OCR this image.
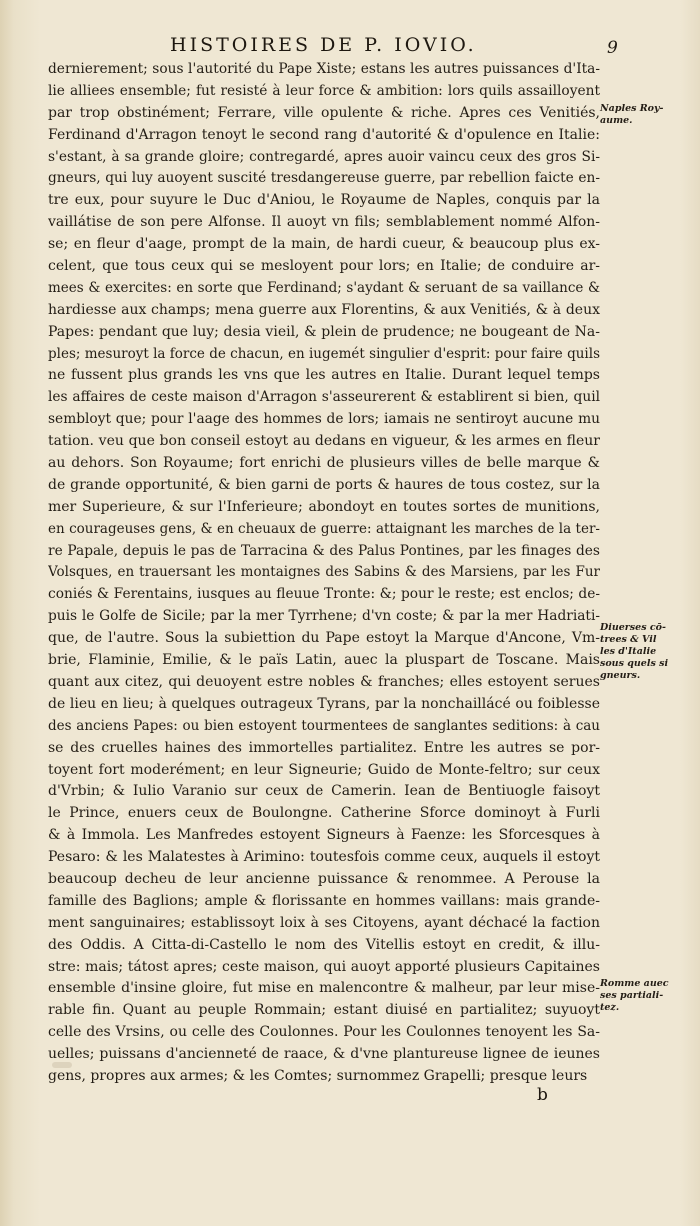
HISTOIRES DE P. IOVIO.	9
dernierement; sous l'autorité du Pape Xiste; estans les autres puissances d'Ita-
lie alliees ensemble; fut resisté à leur force & ambition: lors quils assailloyent
par trop obstinément; Ferrare, ville opulente & riche. Apres ces Venitiés,
Ferdinand d'Arragon tenoyt le second rang d'autorité & d'opulence en Italie:
s'estant, à sa grande gloire; contregardé, apres auoir vaincu ceux des gros Si-
gneurs, qui luy auoyent suscité tresdangereuse guerre, par rebellion faicte en-
tre eux, pour suyure le Duc d'Aniou, le Royaume de Naples, conquis par la
vaillátise de son pere Alfonse. Il auoyt vn fils; semblablement nommé Alfon-
se; en fleur d'aage, prompt de la main, de hardi cueur, & beaucoup plus ex-
celent, que tous ceux qui se mesloyent pour lors; en Italie; de conduire ar-
mees & exercites: en sorte que Ferdinand; s'aydant & seruant de sa vaillance &
hardiesse aux champs; mena guerre aux Florentins, & aux Venitiés, & à deux
Papes: pendant que luy; desia vieil, & plein de prudence; ne bougeant de Na-
ples; mesuroyt la force de chacun, en iugemét singulier d'esprit: pour faire quils
ne fussent plus grands les vns que les autres en Italie. Durant lequel temps
les affaires de ceste maison d'Arragon s'asseurerent & establirent si bien, quil
sembloyt que; pour l'aage des hommes de lors; iamais ne sentiroyt aucune mu
tation. veu que bon conseil estoyt au dedans en vigueur, & les armes en fleur
au dehors. Son Royaume; fort enrichi de plusieurs villes de belle marque &
de grande opportunité, & bien garni de ports & haures de tous costez, sur la
mer Superieure, & sur l'Inferieure; abondoyt en toutes sortes de munitions,
en courageuses gens, & en cheuaux de guerre: attaignant les marches de la ter-
re Papale, depuis le pas de Tarracina & des Palus Pontines, par les finages des
Volsques, en trauersant les montaignes des Sabins & des Marsiens, par les Fur
coniés & Ferentains, iusques au fleuue Tronte: &; pour le reste; est enclos; de-
puis le Golfe de Sicile; par la mer Tyrrhene; d'vn coste; & par la mer Hadriati-
que, de l'autre. Sous la subiettion du Pape estoyt la Marque d'Ancone, Vm-
brie, Flaminie, Emilie, & le païs Latin, auec la pluspart de Toscane. Mais
quant aux citez, qui deuoyent estre nobles & franches; elles estoyent serues
de lieu en lieu; à quelques outrageux Tyrans, par la nonchaillácé ou foiblesse
des anciens Papes: ou bien estoyent tourmentees de sanglantes seditions: à cau
se des cruelles haines des immortelles partialitez. Entre les autres se por-
toyent fort moderément; en leur Signeurie; Guido de Monte-feltro; sur ceux
d'Vrbin; & Iulio Varanio sur ceux de Camerin. Iean de Bentiuogle faisoyt
le Prince, enuers ceux de Boulongne. Catherine Sforce dominoyt à Furli
& à Immola. Les Manfredes estoyent Signeurs à Faenze: les Sforcesques à
Pesaro: & les Malatestes à Arimino: toutesfois comme ceux, auquels il estoyt
beaucoup decheu de leur ancienne puissance & renommee. A Perouse la
famille des Baglions; ample & florissante en hommes vaillans: mais grande-
ment sanguinaires; establissoyt loix à ses Citoyens, ayant déchacé la faction
des Oddis. A Citta-di-Castello le nom des Vitellis estoyt en credit, & illu-
stre: mais; tátost apres; ceste maison, qui auoyt apporté plusieurs Capitaines
ensemble d'insine gloire, fut mise en malencontre & malheur, par leur mise-
rable fin. Quant au peuple Rommain; estant diuisé en partialitez; suyuoyt
celle des Vrsins, ou celle des Coulonnes. Pour les Coulonnes tenoyent les Sa-
uelles; puissans d'ancienneté de raace, & d'vne plantureuse lignee de ieunes
gens, propres aux armes; & les Comtes; surnommez Grapelli; presque leurs
Naples Roy-
aume.
Diuerses cō-
trees & Vil
les d'Italie
sous quels si
gneurs.
Romme auec
ses partiali-
tez.
b
